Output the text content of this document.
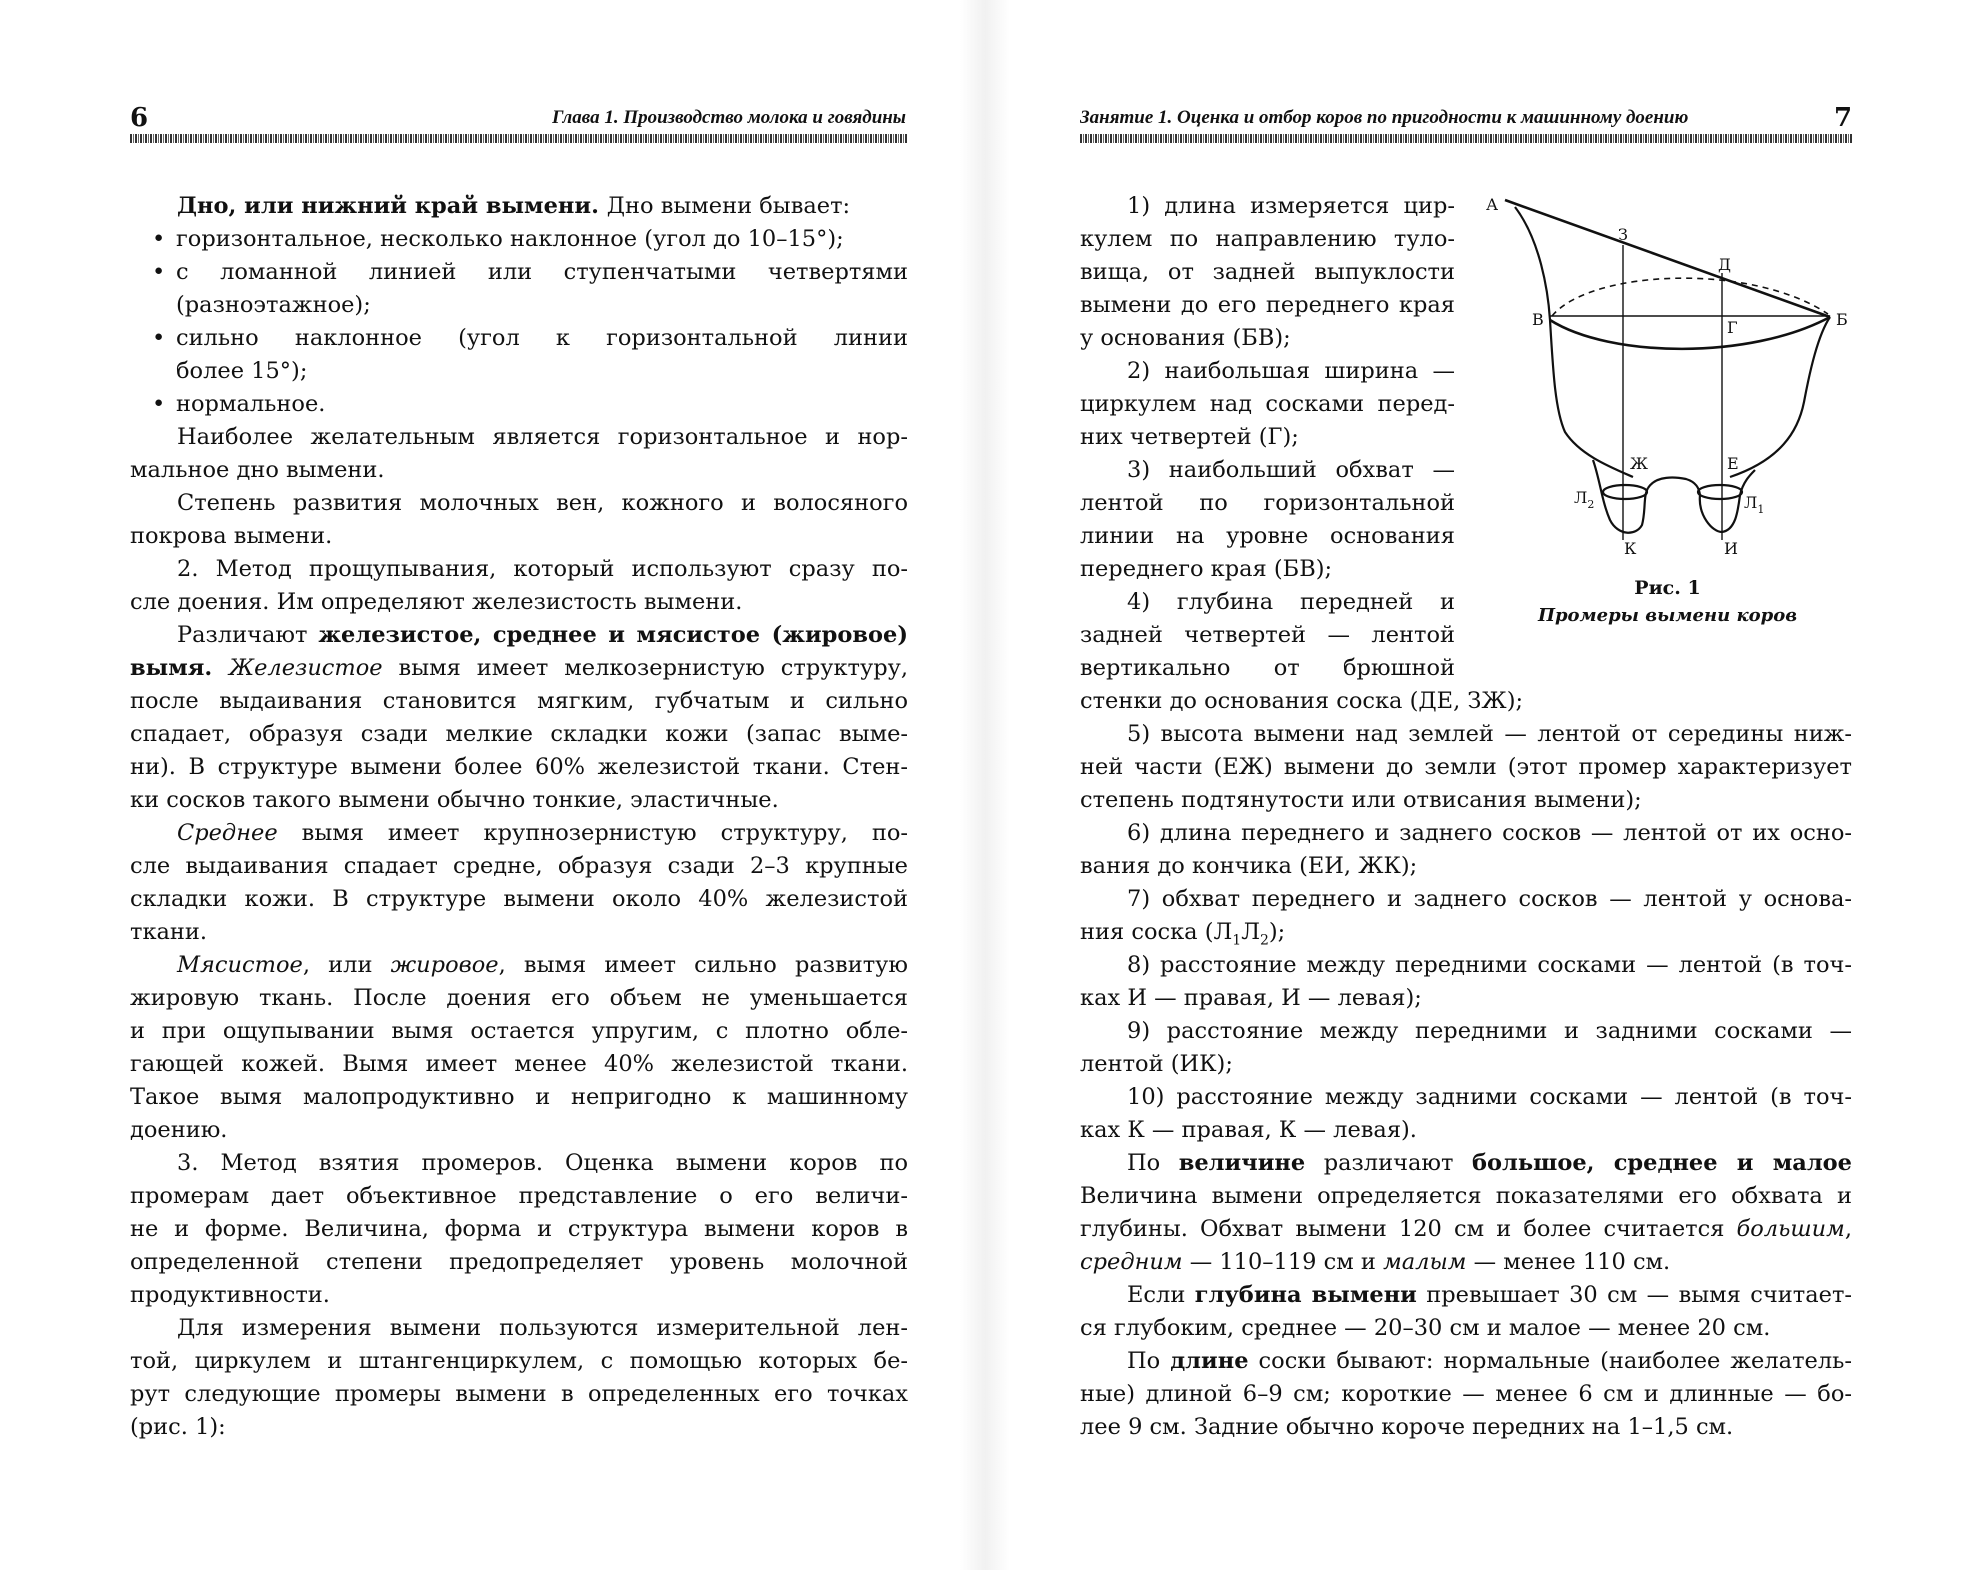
6	Глава 1. Производство молока и говядины
Дно, или нижний край вымени. Дно вымени бывает:
• горизонтальное, несколько наклонное (угол до 10–15°);
• с ломанной линией или ступенчатыми четвертями
(разноэтажное);
• сильно наклонное (угол к горизонтальной линии
более 15°);
• нормальное.
Наиболее желательным является горизонтальное и нор-
мальное дно вымени.
Степень развития молочных вен, кожного и волосяного
покрова вымени.
2. Метод прощупывания, который используют сразу по-
сле доения. Им определяют железистость вымени.
Различают железистое, среднее и мясистое (жировое)
вымя. Железистое вымя имеет мелкозернистую структуру,
после выдаивания становится мягким, губчатым и сильно
спадает, образуя сзади мелкие складки кожи (запас выме-
ни). В структуре вымени более 60% железистой ткани. Стен-
ки сосков такого вымени обычно тонкие, эластичные.
Среднее вымя имеет крупнозернистую структуру, по-
сле выдаивания спадает средне, образуя сзади 2–3 крупные
складки кожи. В структуре вымени около 40% железистой
ткани.
Мясистое, или жировое, вымя имеет сильно развитую
жировую ткань. После доения его объем не уменьшается
и при ощупывании вымя остается упругим, с плотно обле-
гающей кожей. Вымя имеет менее 40% железистой ткани.
Такое вымя малопродуктивно и непригодно к машинному
доению.
3. Метод взятия промеров. Оценка вымени коров по
промерам дает объективное представление о его величи-
не и форме. Величина, форма и структура вымени коров в
определенной степени предопределяет уровень молочной
продуктивности.
Для измерения вымени пользуются измерительной лен-
той, циркулем и штангенциркулем, с помощью которых бе-
рут следующие промеры вымени в определенных его точках
(рис. 1):
Занятие 1. Оценка и отбор коров по пригодности к машинному доению	7
1) длина измеряется цир-
кулем по направлению туло-
вища, от задней выпуклости
вымени до его переднего края
у основания (БВ);
2) наибольшая ширина —
циркулем над сосками перед-
них четвертей (Г);
3) наибольший обхват —
лентой по горизонтальной
линии на уровне основания
переднего края (БВ);
4) глубина передней и
задней четвертей — лентой
вертикально от брюшной
стенки до основания соска (ДЕ, ЗЖ);
5) высота вымени над землей — лентой от середины ниж-
ней части (ЕЖ) вымени до земли (этот промер характеризует
степень подтянутости или отвисания вымени);
6) длина переднего и заднего сосков — лентой от их осно-
вания до кончика (ЕИ, ЖК);
7) обхват переднего и заднего сосков — лентой у основа-
ния соска $(Л_1Л_2)$;
8) расстояние между передними сосками — лентой (в точ-
ках И — правая, И — левая);
9) расстояние между передними и задними сосками —
лентой (ИК);
10) расстояние между задними сосками — лентой (в точ-
ках К — правая, К — левая).
По величине различают большое, среднее и малое
Величина вымени определяется показателями его обхвата и
глубины. Обхват вымени 120 см и более считается большим,
средним — 110–119 см и малым — менее 110 см.
Если глубина вымени превышает 30 см — вымя считает-
ся глубоким, среднее — 20–30 см и малое — менее 20 см.
По длине соски бывают: нормальные (наиболее желатель-
ные) длиной 6–9 см; короткие — менее 6 см и длинные — бо-
лее 9 см. Задние обычно короче передних на 1–1,5 см.
А
З
Д
В	Б
Г
Ж	Е
$Л_2$	$Л_1$
К	И
Рис. 1
Промеры вымени коров
